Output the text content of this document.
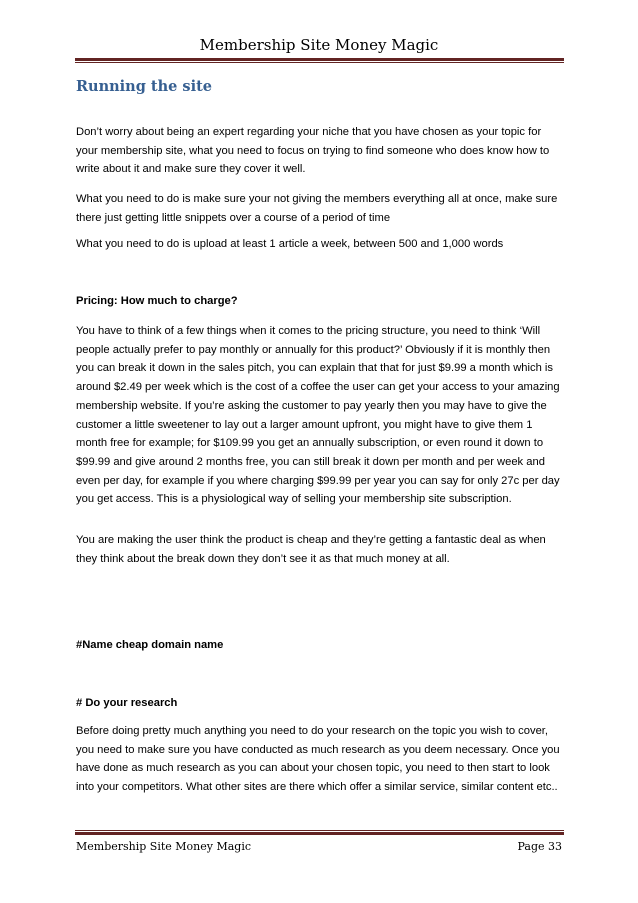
Membership Site Money Magic
Running the site
Don’t worry about being an expert regarding your niche that you have chosen as your topic for your membership site, what you need to focus on trying to find someone who does know how to write about it and make sure they cover it well.
What you need to do is make sure your not giving the members everything all at once, make sure there just getting little snippets over a course of a period of time
What you need to do is upload at least 1 article a week, between 500 and 1,000 words
Pricing: How much to charge?
You have to think of a few things when it comes to the pricing structure, you need to think ‘Will people actually prefer to pay monthly or annually for this product?’ Obviously if it is monthly then you can break it down in the sales pitch, you can explain that that for just $9.99 a month which is around $2.49 per week which is the cost of a coffee the user can get your access to your amazing membership website. If you’re asking the customer to pay yearly then you may have to give the customer a little sweetener to lay out a larger amount upfront, you might have to give them 1 month free for example; for $109.99 you get an annually subscription, or even round it down to $99.99 and give around 2 months free, you can still break it down per month and per week and even per day, for example if you where charging $99.99 per year you can say for only 27c per day you get access. This is a physiological way of selling your membership site subscription.
You are making the user think the product is cheap and they’re getting a fantastic deal as when they think about the break down they don’t see it as that much money at all.
#Name cheap domain name
# Do your research
Before doing pretty much anything you need to do your research on the topic you wish to cover, you need to make sure you have conducted as much research as you deem necessary. Once you have done as much research as you can about your chosen topic, you need to then start to look into your competitors. What other sites are there which offer a similar service, similar content etc..
Membership Site Money Magic	Page 33
